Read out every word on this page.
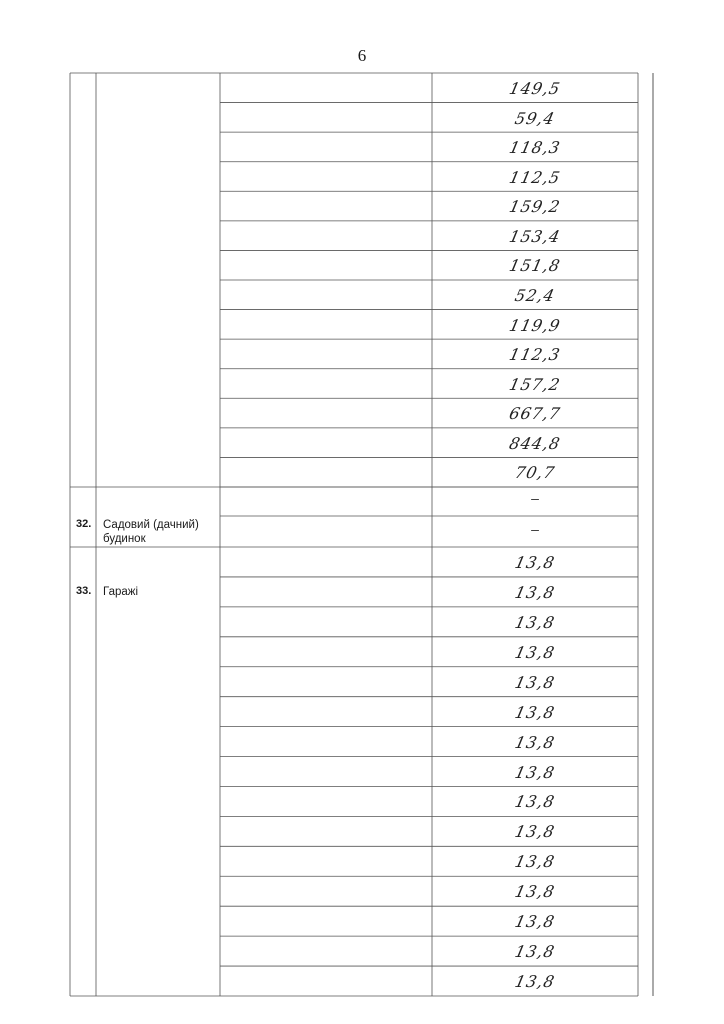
6
32. Садовий (дачний) будинок
33. Гаражі
149,5
59,4
118,3
112,5
159,2
153,4
151,8
52,4
119,9
112,3
157,2
667,7
844,8
70,7
–
–
13,8
13,8
13,8
13,8
13,8
13,8
13,8
13,8
13,8
13,8
13,8
13,8
13,8
13,8
13,8
